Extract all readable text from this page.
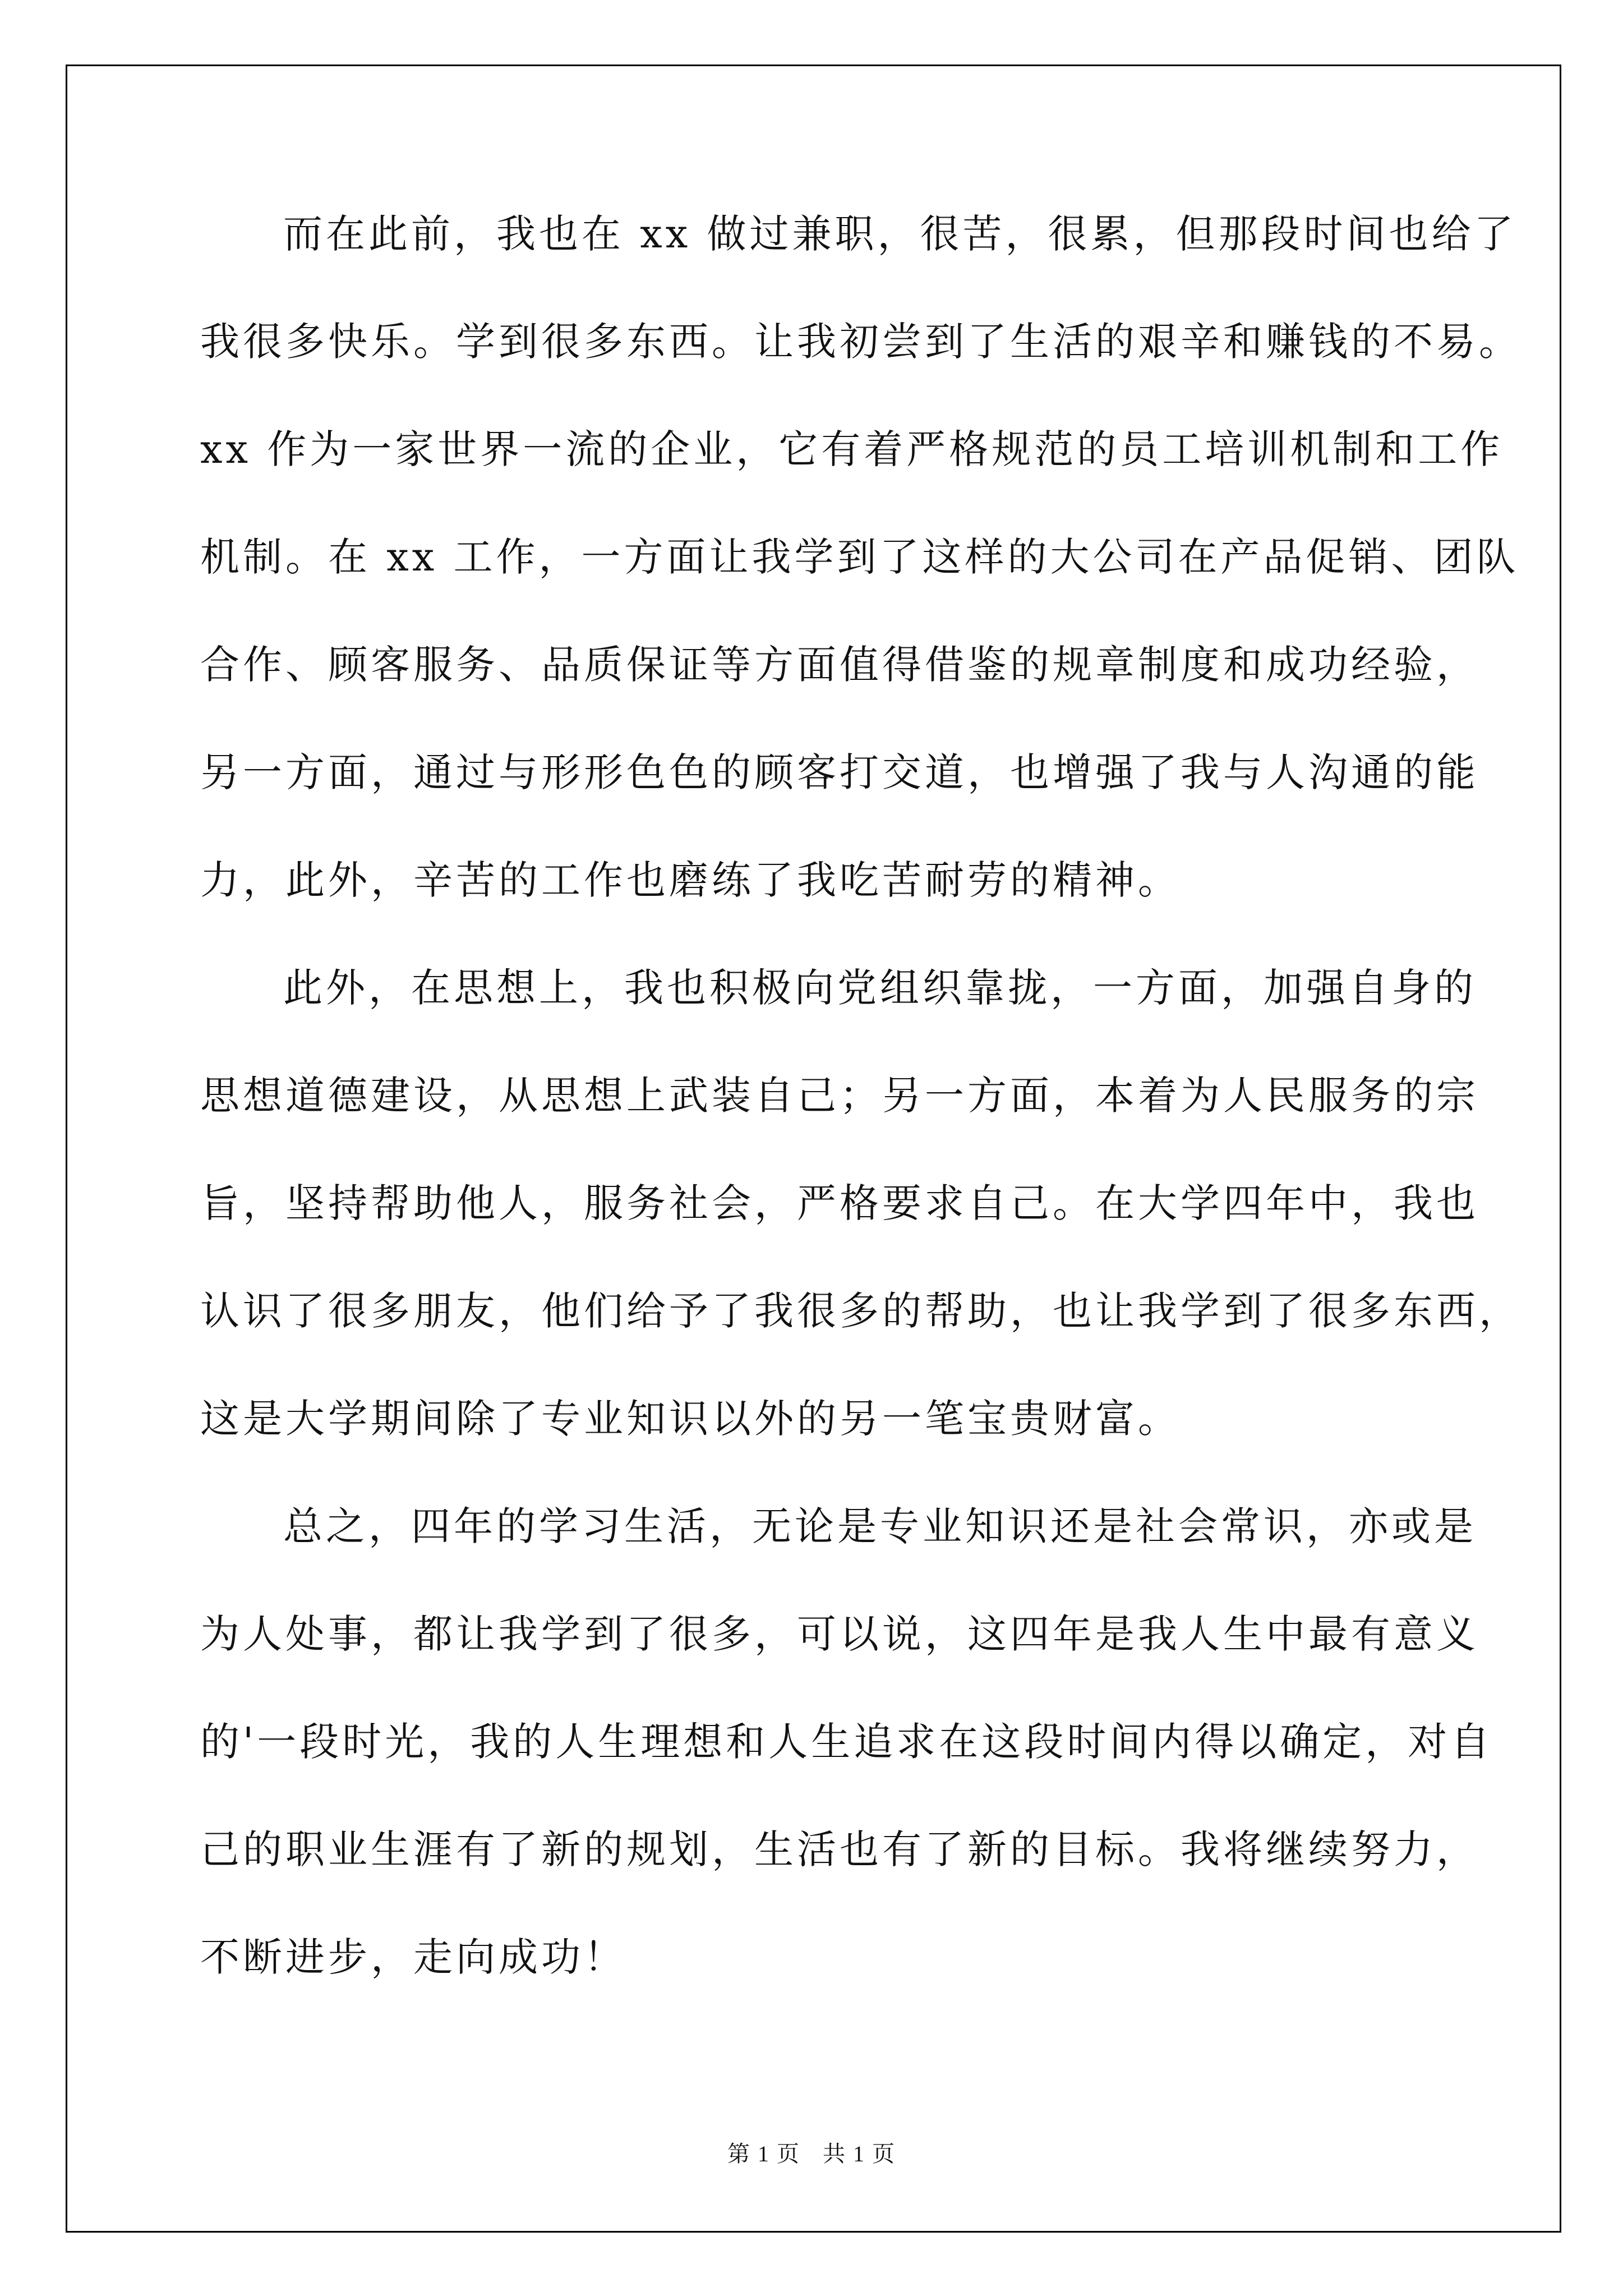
而在此前，我也在 xx 做过兼职，很苦，很累，但那段时间也给了
我很多快乐。学到很多东西。让我初尝到了生活的艰辛和赚钱的不易。
xx 作为一家世界一流的企业，它有着严格规范的员工培训机制和工作
机制。在 xx 工作，一方面让我学到了这样的大公司在产品促销、团队
合作、顾客服务、品质保证等方面值得借鉴的规章制度和成功经验，
另一方面，通过与形形色色的顾客打交道，也增强了我与人沟通的能
力，此外，辛苦的工作也磨练了我吃苦耐劳的精神。
此外，在思想上，我也积极向党组织靠拢，一方面，加强自身的
思想道德建设，从思想上武装自己；另一方面，本着为人民服务的宗
旨，坚持帮助他人，服务社会，严格要求自己。在大学四年中，我也
认识了很多朋友，他们给予了我很多的帮助，也让我学到了很多东西，
这是大学期间除了专业知识以外的另一笔宝贵财富。
总之，四年的学习生活，无论是专业知识还是社会常识，亦或是
为人处事，都让我学到了很多，可以说，这四年是我人生中最有意义
的'一段时光，我的人生理想和人生追求在这段时间内得以确定，对自
己的职业生涯有了新的规划，生活也有了新的目标。我将继续努力，
不断进步，走向成功！
第 1 页 共 1 页
